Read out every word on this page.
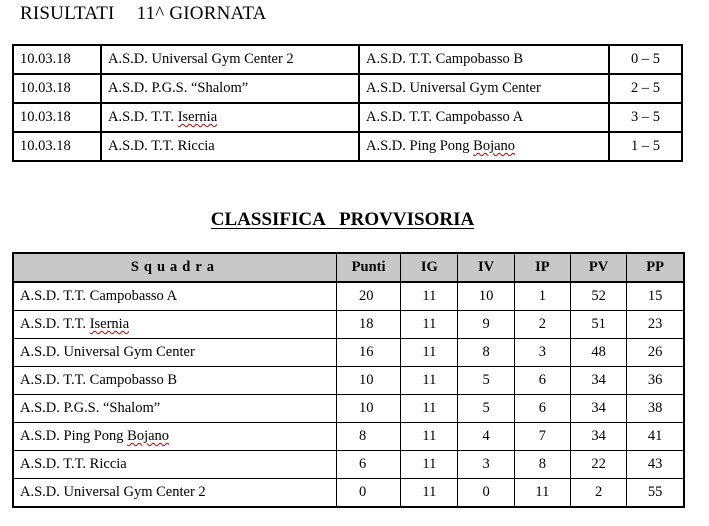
RISULTATI 11^ GIORNATA
10.03.18	A.S.D. Universal Gym Center 2	A.S.D. T.T. Campobasso B	0 – 5
10.03.18	A.S.D. P.G.S. “Shalom”	A.S.D. Universal Gym Center	2 – 5
10.03.18	A.S.D. T.T. Isernia	A.S.D. T.T. Campobasso A	3 – 5
10.03.18	A.S.D. T.T. Riccia	A.S.D. Ping Pong Bojano	1 – 5
CLASSIFICA   PROVVISORIA
Squadra	Punti	IG	IV	IP	PV	PP
A.S.D. T.T. Campobasso A	20	11	10	1	52	15
A.S.D. T.T. Isernia	18	11	9	2	51	23
A.S.D. Universal Gym Center	16	11	8	3	48	26
A.S.D. T.T. Campobasso B	10	11	5	6	34	36
A.S.D. P.G.S. “Shalom”	10	11	5	6	34	38
A.S.D. Ping Pong Bojano	8	11	4	7	34	41
A.S.D. T.T. Riccia	6	11	3	8	22	43
A.S.D. Universal Gym Center 2	0	11	0	11	2	55
